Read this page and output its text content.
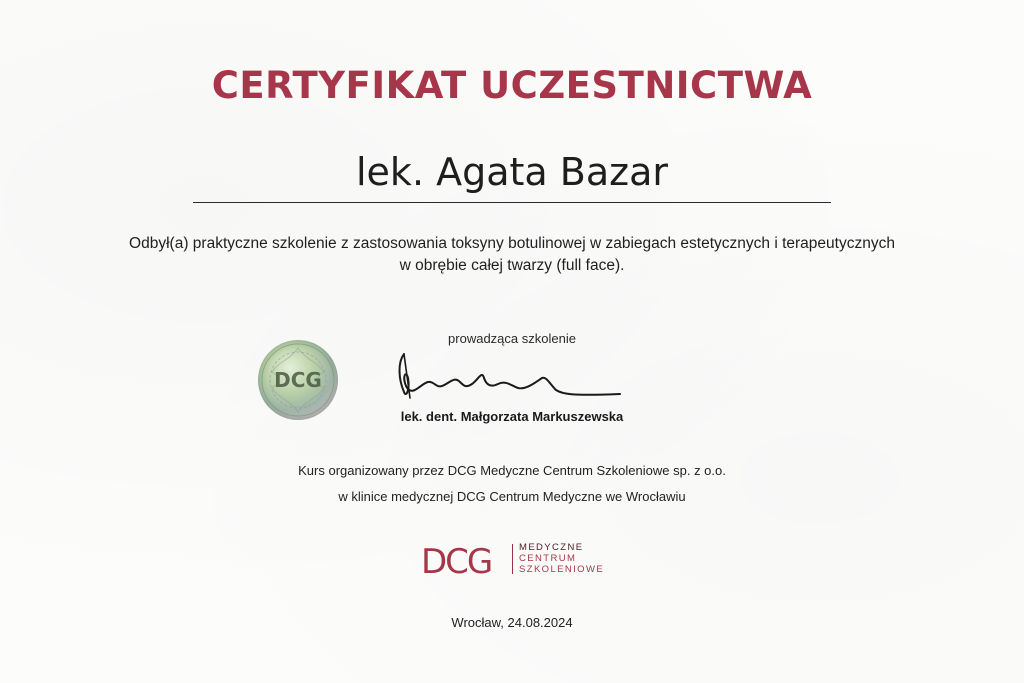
CERTYFIKAT UCZESTNICTWA
lek. Agata Bazar
Odbył(a) praktyczne szkolenie z zastosowania toksyny botulinowej w zabiegach estetycznych i terapeutycznych
w obrębie całej twarzy (full face).
prowadząca szkolenie
DCG
lek. dent. Małgorzata Markuszewska
Kurs organizowany przez DCG Medyczne Centrum Szkoleniowe sp. z o.o.
w klinice medycznej DCG Centrum Medyczne we Wrocławiu
DCG	MEDYCZNE
CENTRUM
SZKOLENIOWE
Wrocław, 24.08.2024
